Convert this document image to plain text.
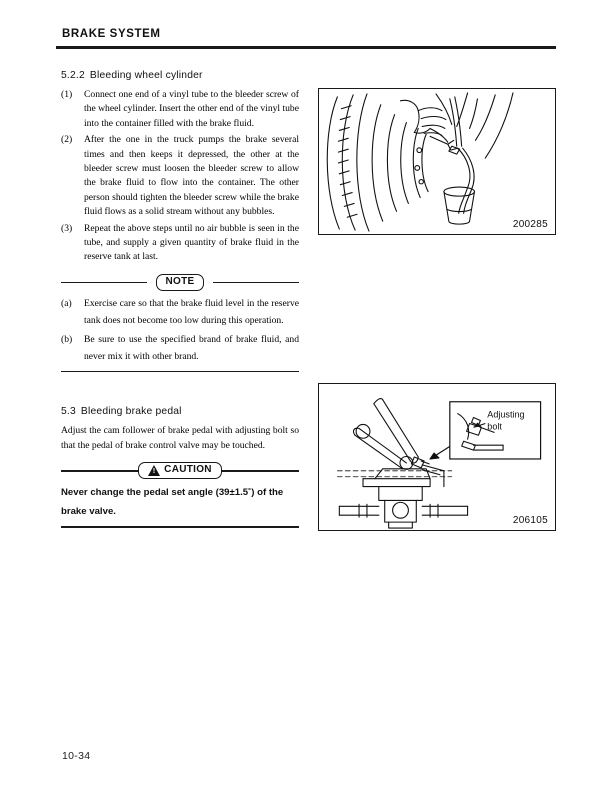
BRAKE SYSTEM
5.2.2 Bleeding wheel cylinder
(1)	Connect one end of a vinyl tube to the bleeder screw of the wheel cylinder. Insert the other end of the vinyl tube into the container filled with the brake fluid.
(2)	After the one in the truck pumps the brake several times and then keeps it depressed, the other at the bleeder screw must loosen the bleeder screw to allow the brake fluid to flow into the container. The other person should tighten the bleeder screw while the brake fluid flows as a solid stream without any bubbles.
(3)	Repeat the above steps until no air bubble is seen in the tube, and supply a given quantity of brake fluid in the reserve tank at last.
NOTE
(a) Exercise care so that the brake fluid level in the reserve tank does not become too low during this operation.
(b) Be sure to use the specified brand of brake fluid, and never mix it with other brand.
5.3 Bleeding brake pedal

Adjust the cam follower of brake pedal with adjusting bolt so that the pedal of brake control valve may be touched.

!
CAUTION

Never change the pedal set angle (39±1.5˚) of the brake valve.

200285
Adjusting
bolt
206105
10-34
